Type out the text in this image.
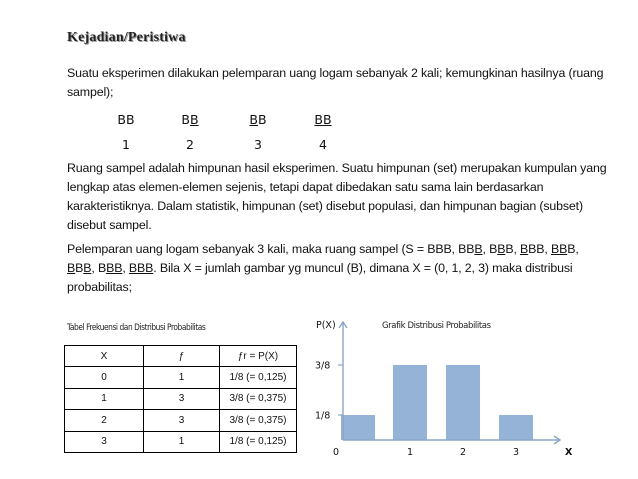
Kejadian/Peristiwa
Suatu eksperimen dilakukan pelemparan uang logam sebanyak 2 kali; kemungkinan hasilnya (ruang
sampel);
BB	BB	BB	BB
1	2	3	4
Ruang sampel adalah himpunan hasil eksperimen. Suatu himpunan (set) merupakan kumpulan yang
lengkap atas elemen-elemen sejenis, tetapi dapat dibedakan satu sama lain berdasarkan
karakteristiknya. Dalam statistik, himpunan (set) disebut populasi, dan himpunan bagian (subset)
disebut sampel.
Pelemparan uang logam sebanyak 3 kali, maka ruang sampel (S = BBB, BBB, BBB, BBB, BBB,
BBB, BBB, BBB. Bila X = jumlah gambar yg muncul (B), dimana X = (0, 1, 2, 3) maka distribusi
probabilitas;
Tabel Frekuensi dan Distribusi Probabilitas
X	ƒ	ƒr = P(X)
0	1	1/8 (= 0,125)
1	3	3/8 (= 0,375)
2	3	3/8 (= 0,375)
3	1	1/8 (= 0,125)
1/8
3/8
0	1	2	3
P(X)
X
Grafik Distribusi Probabilitas
